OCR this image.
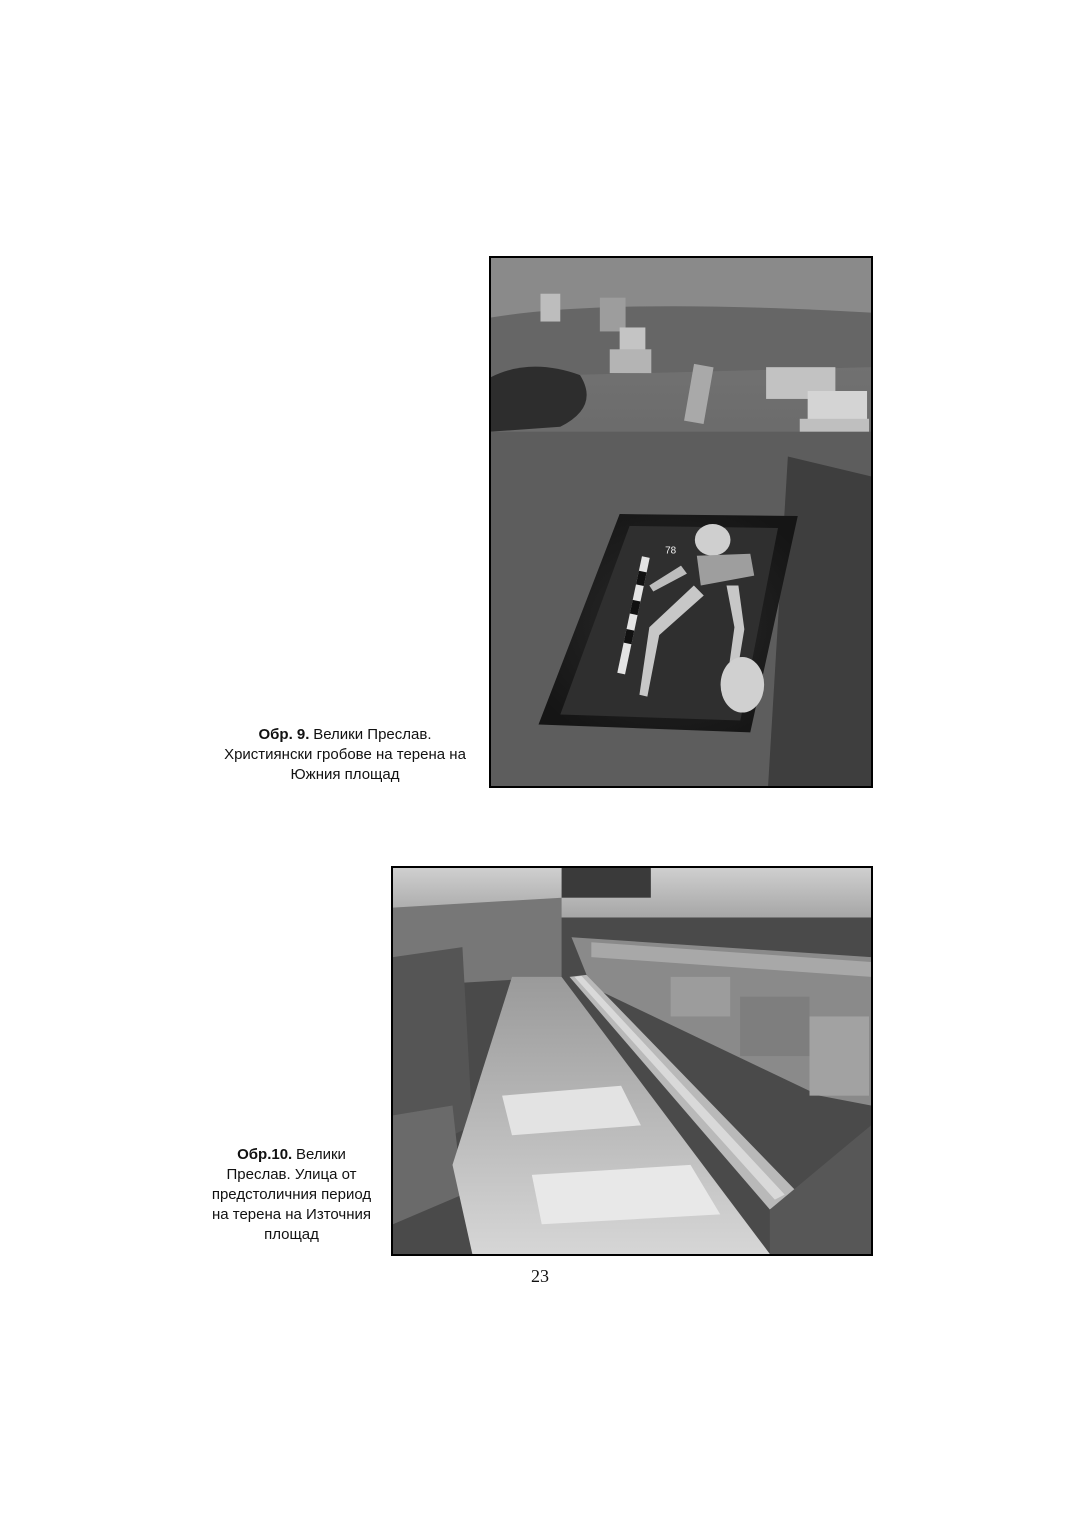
78
Обр. 9. Велики Преслав. Християнски гробове на терена на Южния площад
Обр.10. Велики Преслав. Улица от предстоличния период на терена на Източния площад
23
